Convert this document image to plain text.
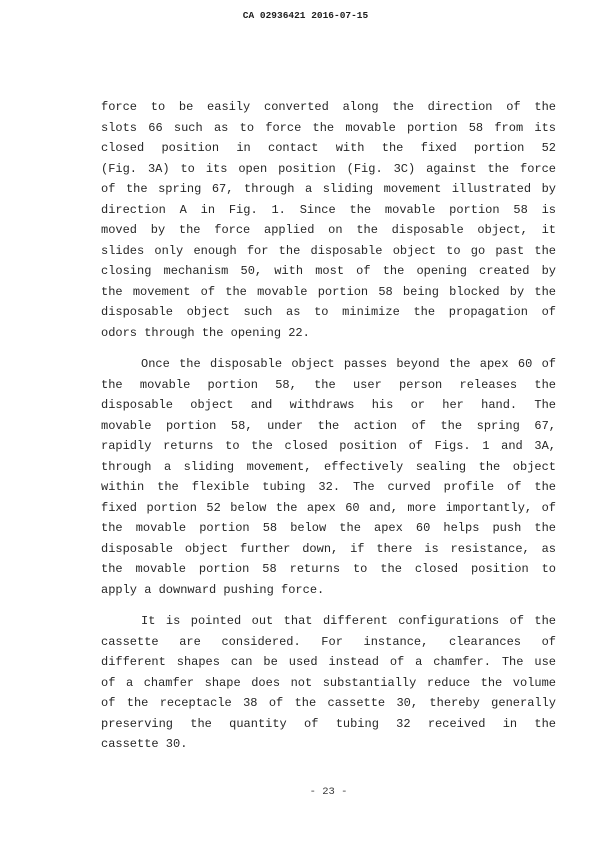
CA 02936421 2016-07-15
force to be easily converted along the direction of the
slots 66 such as to force the movable portion 58 from its
closed position in contact with the fixed portion 52
(Fig. 3A) to its open position (Fig. 3C) against the force
of the spring 67, through a sliding movement illustrated by
direction A in Fig. 1. Since the movable portion 58 is
moved by the force applied on the disposable object, it
slides only enough for the disposable object to go past the
closing mechanism 50, with most of the opening created by
the movement of the movable portion 58 being blocked by the
disposable object such as to minimize the propagation of
odors through the opening 22.
Once the disposable object passes beyond the apex 60 of
the movable portion 58, the user person releases the
disposable object and withdraws his or her hand. The
movable portion 58, under the action of the spring 67,
rapidly returns to the closed position of Figs. 1 and 3A,
through a sliding movement, effectively sealing the object
within the flexible tubing 32. The curved profile of the
fixed portion 52 below the apex 60 and, more importantly, of
the movable portion 58 below the apex 60 helps push the
disposable object further down, if there is resistance, as
the movable portion 58 returns to the closed position to
apply a downward pushing force.
It is pointed out that different configurations of the
cassette are considered. For instance, clearances of
different shapes can be used instead of a chamfer. The use
of a chamfer shape does not substantially reduce the volume
of the receptacle 38 of the cassette 30, thereby generally
preserving the quantity of tubing 32 received in the
cassette 30.
- 23 -
